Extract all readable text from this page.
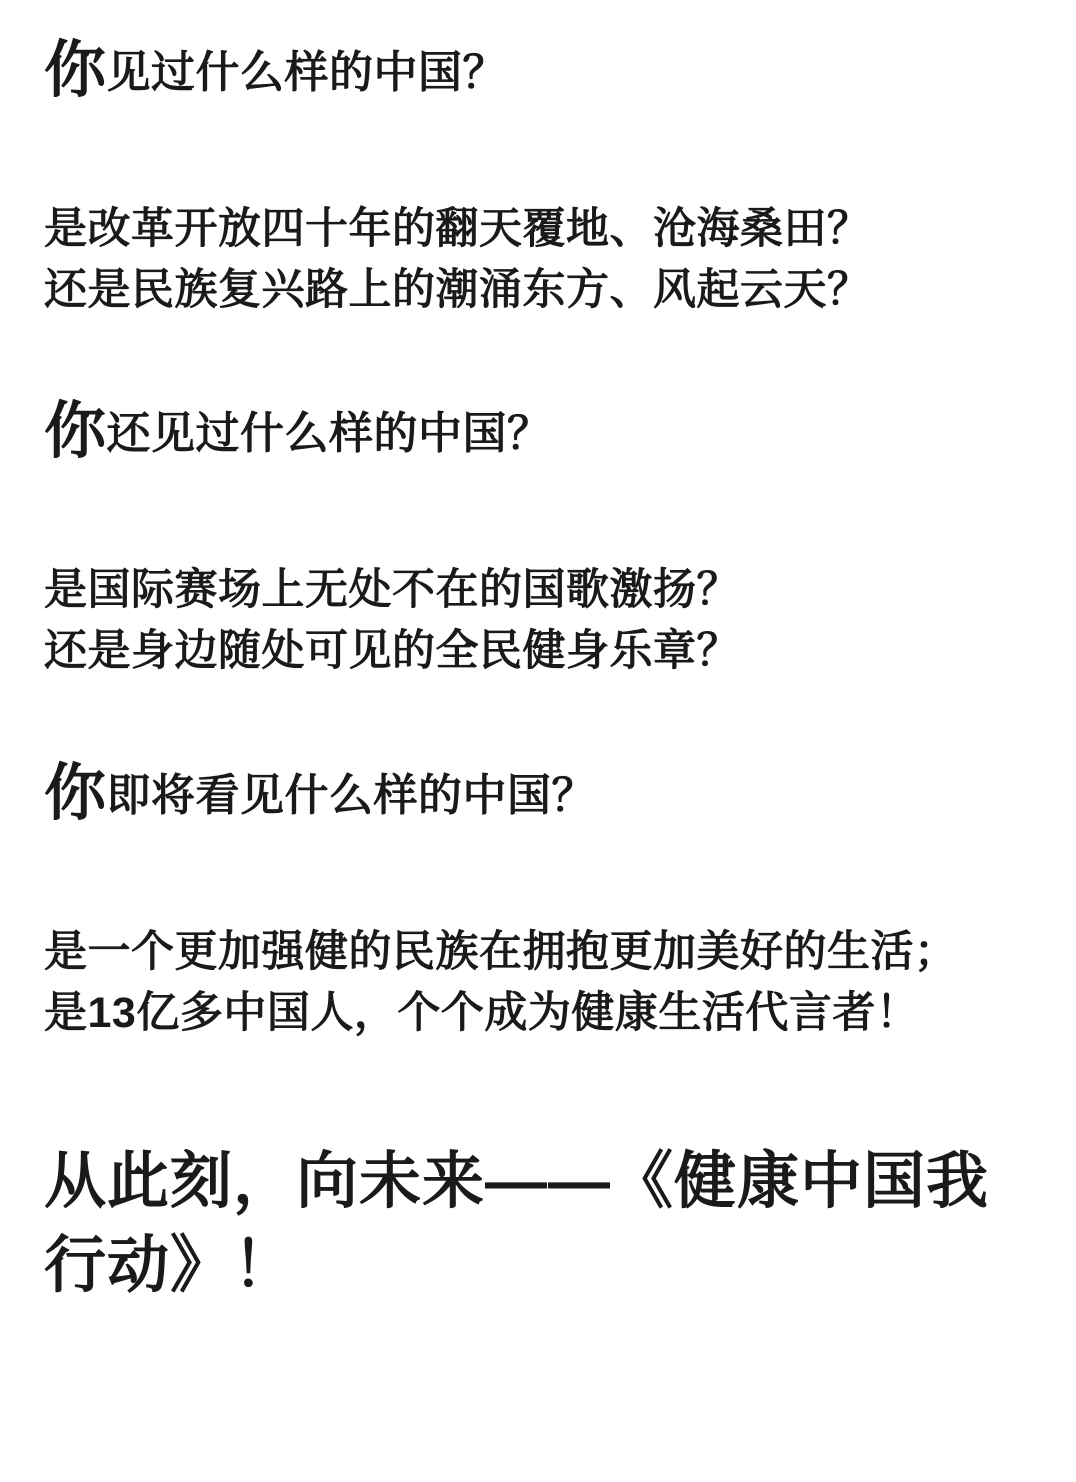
你见过什么样的中国？

是改革开放四十年的翻天覆地、沧海桑田？

还是民族复兴路上的潮涌东方、风起云天？

你还见过什么样的中国？

是国际赛场上无处不在的国歌激扬？

还是身边随处可见的全民健身乐章？

你即将看见什么样的中国？

是一个更加强健的民族在拥抱更加美好的生活；

是13亿多中国人，个个成为健康生活代言者！

从此刻，向未来——《健康中国我行动》！
